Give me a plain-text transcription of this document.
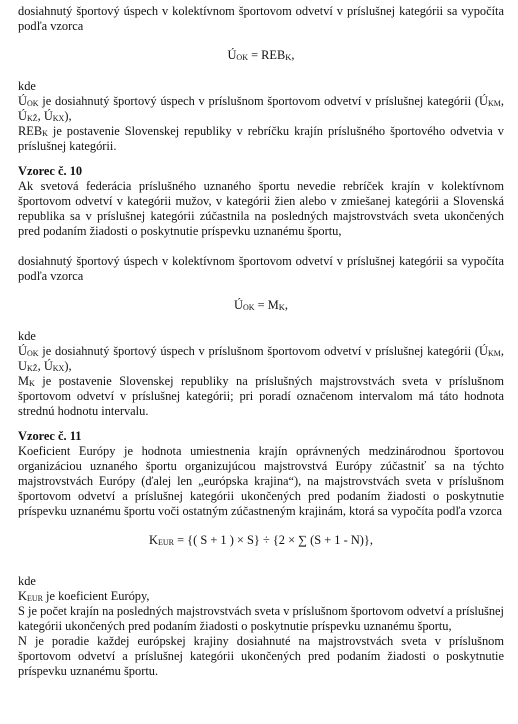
dosiahnutý športový úspech v kolektívnom športovom odvetví v príslušnej kategórii sa vypočíta podľa vzorca

$Ú_{OK} = REB_K$,

kde

$Ú_{OK}$ je dosiahnutý športový úspech v príslušnom športovom odvetví v príslušnej kategórii ($Ú_{KM}$, $Ú_{KŽ}$, $Ú_{KX}$),

$REB_K$ je postavenie Slovenskej republiky v rebríčku krajín príslušného športového odvetvia v príslušnej kategórii.

Vzorec č. 10

Ak svetová federácia príslušného uznaného športu nevedie rebríček krajín v kolektívnom športovom odvetví v kategórii mužov, v kategórii žien alebo v zmiešanej kategórii a Slovenská republika sa v príslušnej kategórii zúčastnila na posledných majstrovstvách sveta ukončených pred podaním žiadosti o poskytnutie príspevku uznanému športu,

dosiahnutý športový úspech v kolektívnom športovom odvetví v príslušnej kategórii sa vypočíta podľa vzorca

$Ú_{OK} = M_K$,

kde

$Ú_{OK}$ je dosiahnutý športový úspech v príslušnom športovom odvetví v príslušnej kategórii ($Ú_{KM}$, $U_{KŽ}$, $Ú_{KX}$),

$M_K$ je postavenie Slovenskej republiky na príslušných majstrovstvách sveta v príslušnom športovom odvetví v príslušnej kategórii; pri poradí označenom intervalom má táto hodnota strednú hodnotu intervalu.

Vzorec č. 11

Koeficient Európy je hodnota umiestnenia krajín oprávnených medzinárodnou športovou organizáciou uznaného športu organizujúcou majstrovstvá Európy zúčastniť sa na týchto majstrovstvách Európy (ďalej len „európska krajina“), na majstrovstvách sveta v príslušnom športovom odvetví a príslušnej kategórii ukončených pred podaním žiadosti o poskytnutie príspevku uznanému športu voči ostatným zúčastneným krajinám, ktorá sa vypočíta podľa vzorca

$K_{EUR}$ = {( S + 1 ) × S} ÷ {2 × ∑ (S + 1 - N)},

kde

$K_{EUR}$ je koeficient Európy,

S je počet krajín na posledných majstrovstvách sveta v príslušnom športovom odvetví a príslušnej kategórii ukončených pred podaním žiadosti o poskytnutie príspevku uznanému športu,

N je poradie každej európskej krajiny dosiahnuté na majstrovstvách sveta v príslušnom športovom odvetví a príslušnej kategórii ukončených pred podaním žiadosti o poskytnutie príspevku uznanému športu.
